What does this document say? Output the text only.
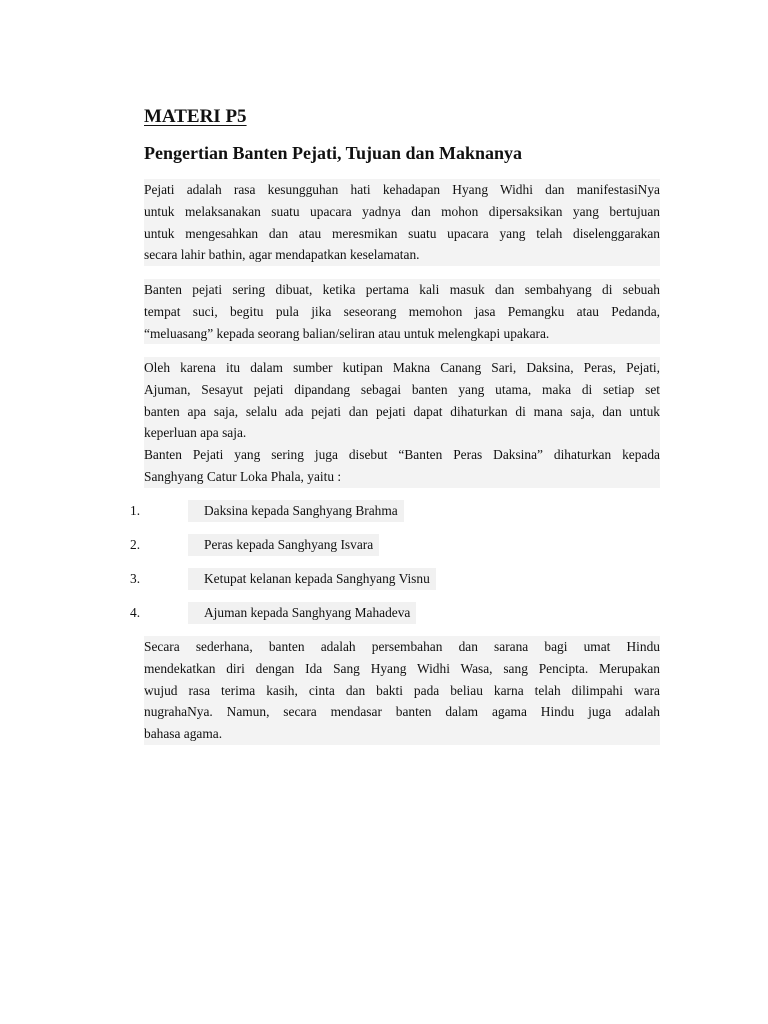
MATERI P5
Pengertian Banten Pejati, Tujuan dan Maknanya
Pejati adalah rasa kesungguhan hati kehadapan Hyang Widhi dan manifestasiNya
untuk melaksanakan suatu upacara yadnya dan mohon dipersaksikan yang bertujuan
untuk mengesahkan dan atau meresmikan suatu upacara yang telah diselenggarakan
secara lahir bathin, agar mendapatkan keselamatan.
Banten pejati sering dibuat, ketika pertama kali masuk dan sembahyang di sebuah
tempat suci, begitu pula jika seseorang memohon jasa Pemangku atau Pedanda,
“meluasang” kepada seorang balian/seliran atau untuk melengkapi upakara.
Oleh karena itu dalam sumber kutipan Makna Canang Sari, Daksina, Peras, Pejati,
Ajuman, Sesayut pejati dipandang sebagai banten yang utama, maka di setiap set
banten apa saja, selalu ada pejati dan pejati dapat dihaturkan di mana saja, dan untuk
keperluan apa saja.
Banten Pejati yang sering juga disebut “Banten Peras Daksina” dihaturkan kepada
Sanghyang Catur Loka Phala, yaitu :
1.	Daksina kepada Sanghyang Brahma
2.	Peras kepada Sanghyang Isvara
3.	Ketupat kelanan kepada Sanghyang Visnu
4.	Ajuman kepada Sanghyang Mahadeva
Secara sederhana, banten adalah persembahan dan sarana bagi umat Hindu
mendekatkan diri dengan Ida Sang Hyang Widhi Wasa, sang Pencipta. Merupakan
wujud rasa terima kasih, cinta dan bakti pada beliau karna telah dilimpahi wara
nugrahaNya. Namun, secara mendasar banten dalam agama Hindu juga adalah
bahasa agama.
